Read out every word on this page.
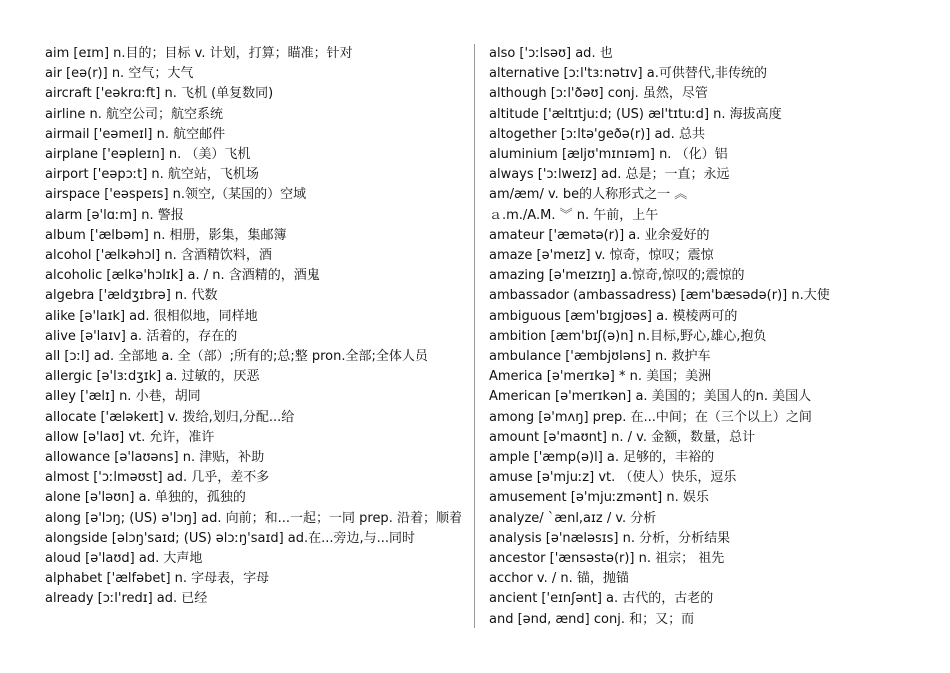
aim [eɪm] n.目的；目标 v. 计划，打算；瞄准；针对
air [eə(r)] n. 空气；大气
aircraft ['eəkrɑːft] n. 飞机 (单复数同)
airline n. 航空公司；航空系统
airmail ['eəmeɪl] n. 航空邮件
airplane ['eəpleɪn] n. （美）飞机
airport ['eəpɔːt] n. 航空站，飞机场
airspace ['eəspeɪs] n.领空,（某国的）空域
alarm [ə'lɑːm] n. 警报
album ['ælbəm] n. 相册，影集，集邮簿
alcohol ['ælkəhɔl] n. 含酒精饮料，酒
alcoholic [ælkə'hɔlɪk] a. / n. 含酒精的，酒鬼
algebra ['ældʒɪbrə] n. 代数
alike [ə'laɪk] ad. 很相似地，同样地
alive [ə'laɪv] a. 活着的，存在的
all [ɔːl] ad. 全部地 a. 全（部）;所有的;总;整 pron.全部;全体人员
allergic [ə'lɜːdʒɪk] a. 过敏的，厌恶
alley ['ælɪ] n. 小巷，胡同
allocate ['æləkeɪt] v. 拨给,划归,分配...给
allow [ə'laʊ] vt. 允许，准许
allowance [ə'laʊəns] n. 津贴，补助
almost ['ɔːlməʊst] ad. 几乎，差不多
alone [ə'ləʊn] a. 单独的，孤独的
along [ə'lɔŋ; (US) ə'lɔŋ] ad. 向前；和...一起；一同 prep. 沿着；顺着
alongside [əlɔŋ'saɪd; (US) əlɔːŋ'saɪd] ad.在...旁边,与...同时
aloud [ə'laʊd] ad. 大声地
alphabet ['ælfəbet] n. 字母表，字母
already [ɔːl'redɪ] ad. 已经
also ['ɔːlsəʊ] ad. 也
alternative [ɔːl'tɜːnətɪv] a.可供替代,非传统的
although [ɔːl'ðəʊ] conj. 虽然，尽管
altitude ['æltɪtjuːd; (US) æl'tɪtuːd] n. 海拔高度
altogether [ɔːltə'geðə(r)] ad. 总共
aluminium [æljʊ'mɪnɪəm] n. （化）铝
always ['ɔːlweɪz] ad. 总是；一直；永远
am/æm/ v. be的人称形式之一 ︽
ａ.m./A.M. ︾ n. 午前，上午
amateur ['æmətə(r)] a. 业余爱好的
amaze [ə'meɪz] v. 惊奇，惊叹；震惊
amazing [ə'meɪzɪŋ] a.惊奇,惊叹的;震惊的
ambassador (ambassadress) [æm'bæsədə(r)] n.大使
ambiguous [æm'bɪgjʊəs] a. 模棱两可的
ambition [æm'bɪʃ(ə)n] n.目标,野心,雄心,抱负
ambulance ['æmbjʊləns] n. 救护车
America [ə'merɪkə] * n. 美国；美洲
American [ə'merɪkən] a. 美国的；美国人的n. 美国人
among [ə'mʌŋ] prep. 在...中间；在（三个以上）之间
amount [ə'maʊnt] n. / v. 金额，数量，总计
ample ['æmp(ə)l] a. 足够的，丰裕的
amuse [ə'mjuːz] vt. （使人）快乐，逗乐
amusement [ə'mjuːzmənt] n. 娱乐
analyze/ `ænl,aɪz / v. 分析
analysis [ə'næləsɪs] n. 分析，分析结果
ancestor ['ænsəstə(r)] n. 祖宗； 祖先
acchor v. / n. 锚，抛锚
ancient ['eɪnʃənt] a. 古代的，古老的
and [ənd, ænd] conj. 和；又；而
